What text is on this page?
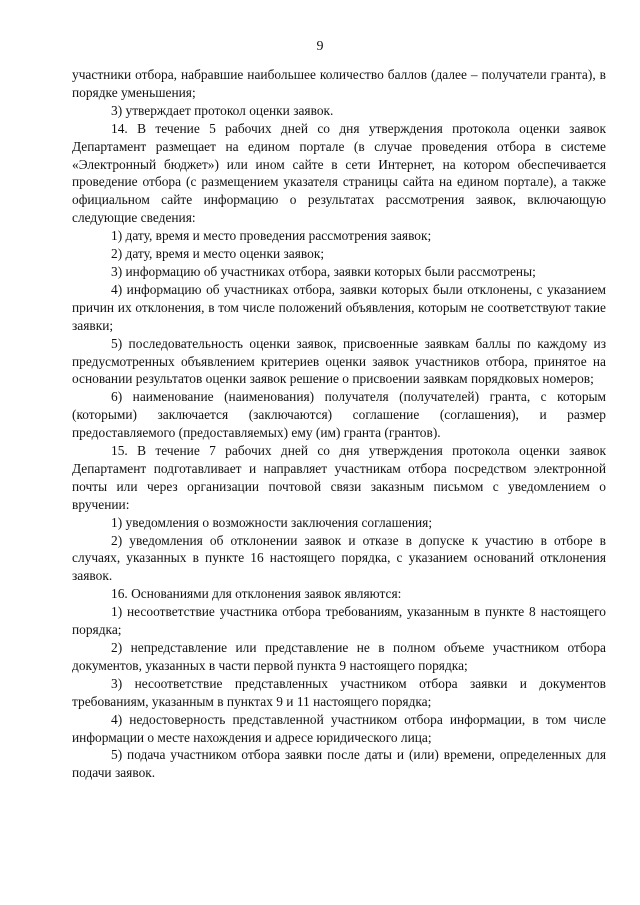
9

участники отбора, набравшие наибольшее количество баллов (далее – получатели гранта), в порядке уменьшения;

3) утверждает протокол оценки заявок.

14. В течение 5 рабочих дней со дня утверждения протокола оценки заявок Департамент размещает на едином портале (в случае проведения отбора в системе «Электронный бюджет») или ином сайте в сети Интернет, на котором обеспечивается проведение отбора (с размещением указателя страницы сайта на едином портале), а также официальном сайте информацию о результатах рассмотрения заявок, включающую следующие сведения:

1) дату, время и место проведения рассмотрения заявок;

2) дату, время и место оценки заявок;

3) информацию об участниках отбора, заявки которых были рассмотрены;

4) информацию об участниках отбора, заявки которых были отклонены, с указанием причин их отклонения, в том числе положений объявления, которым не соответствуют такие заявки;

5) последовательность оценки заявок, присвоенные заявкам баллы по каждому из предусмотренных объявлением критериев оценки заявок участников отбора, принятое на основании результатов оценки заявок решение о присвоении заявкам порядковых номеров;

6) наименование (наименования) получателя (получателей) гранта, с которым (которыми) заключается (заключаются) соглашение (соглашения), и размер предоставляемого (предоставляемых) ему (им) гранта (грантов).

15. В течение 7 рабочих дней со дня утверждения протокола оценки заявок Департамент подготавливает и направляет участникам отбора посредством электронной почты или через организации почтовой связи заказным письмом с уведомлением о вручении:

1) уведомления о возможности заключения соглашения;

2) уведомления об отклонении заявок и отказе в допуске к участию в отборе в случаях, указанных в пункте 16 настоящего порядка, с указанием оснований отклонения заявок.

16. Основаниями для отклонения заявок являются:

1) несоответствие участника отбора требованиям, указанным в пункте 8 настоящего порядка;

2) непредставление или представление не в полном объеме участником отбора документов, указанных в части первой пункта 9 настоящего порядка;

3) несоответствие представленных участником отбора заявки и документов требованиям, указанным в пунктах 9 и 11 настоящего порядка;

4) недостоверность представленной участником отбора информации, в том числе информации о месте нахождения и адресе юридического лица;

5) подача участником отбора заявки после даты и (или) времени, определенных для подачи заявок.
